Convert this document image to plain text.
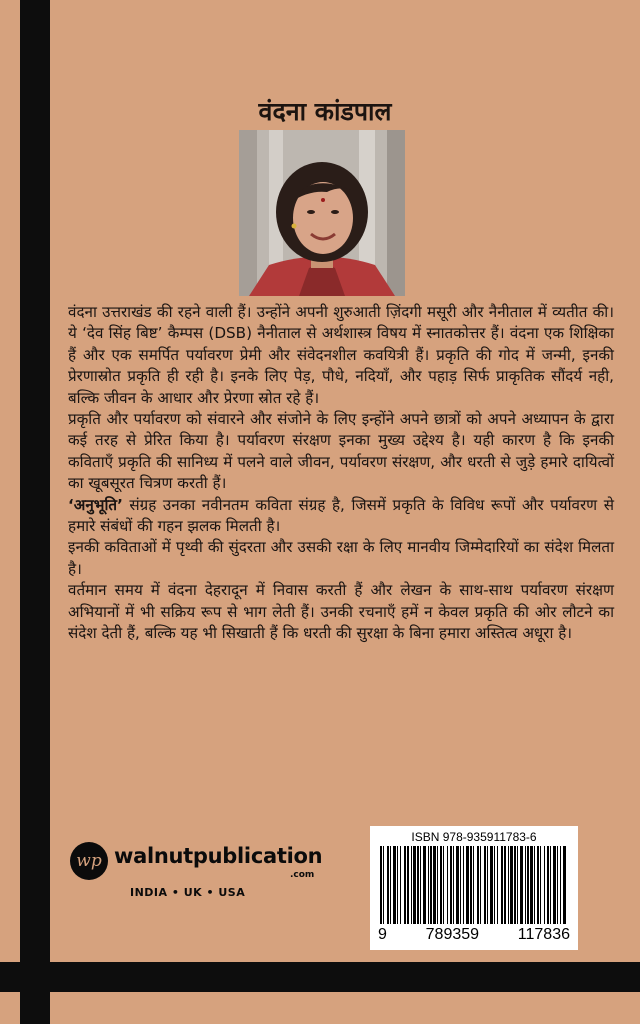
वंदना कांडपाल

वंदना उत्तराखंड की रहने वाली हैं। उन्होंने अपनी शुरुआती ज़िंदगी मसूरी और नैनीताल में व्यतीत की। ये ‘देव सिंह बिष्ट’ कैम्पस (DSB) नैनीताल से अर्थशास्त्र विषय में स्नातकोत्तर हैं। वंदना एक शिक्षिका हैं और एक समर्पित पर्यावरण प्रेमी और संवेदनशील कवयित्री हैं। प्रकृति की गोद में जन्मी, इनकी प्रेरणास्रोत प्रकृति ही रही है। इनके लिए पेड़, पौधे, नदियाँ, और पहाड़ सिर्फ प्राकृतिक सौंदर्य नही, बल्कि जीवन के आधार और प्रेरणा स्रोत रहे हैं।

प्रकृति और पर्यावरण को संवारने और संजोने के लिए इन्होंने अपने छात्रों को अपने अध्यापन के द्वारा कई तरह से प्रेरित किया है। पर्यावरण संरक्षण इनका मुख्य उद्देश्य है। यही कारण है कि इनकी कविताएँ प्रकृति की सानिध्य में पलने वाले जीवन, पर्यावरण संरक्षण, और धरती से जुड़े हमारे दायित्वों का खूबसूरत चित्रण करती हैं।

‘अनुभूति’ संग्रह उनका नवीनतम कविता संग्रह है, जिसमें प्रकृति के विविध रूपों और पर्यावरण से हमारे संबंधों की गहन झलक मिलती है।

इनकी कविताओं में पृथ्वी की सुंदरता और उसकी रक्षा के लिए मानवीय जिम्मेदारियों का संदेश मिलता है।

वर्तमान समय में वंदना देहरादून में निवास करती हैं और लेखन के साथ-साथ पर्यावरण संरक्षण अभियानों में भी सक्रिय रूप से भाग लेती हैं। उनकी रचनाएँ हमें न केवल प्रकृति की ओर लौटने का संदेश देती हैं, बल्कि यह भी सिखाती हैं कि धरती की सुरक्षा के बिना हमारा अस्तित्व अधूरा है।

wp walnutpublication
.com
INDIA • UK • USA
ISBN 978-935911783-6
9 789359 117836
